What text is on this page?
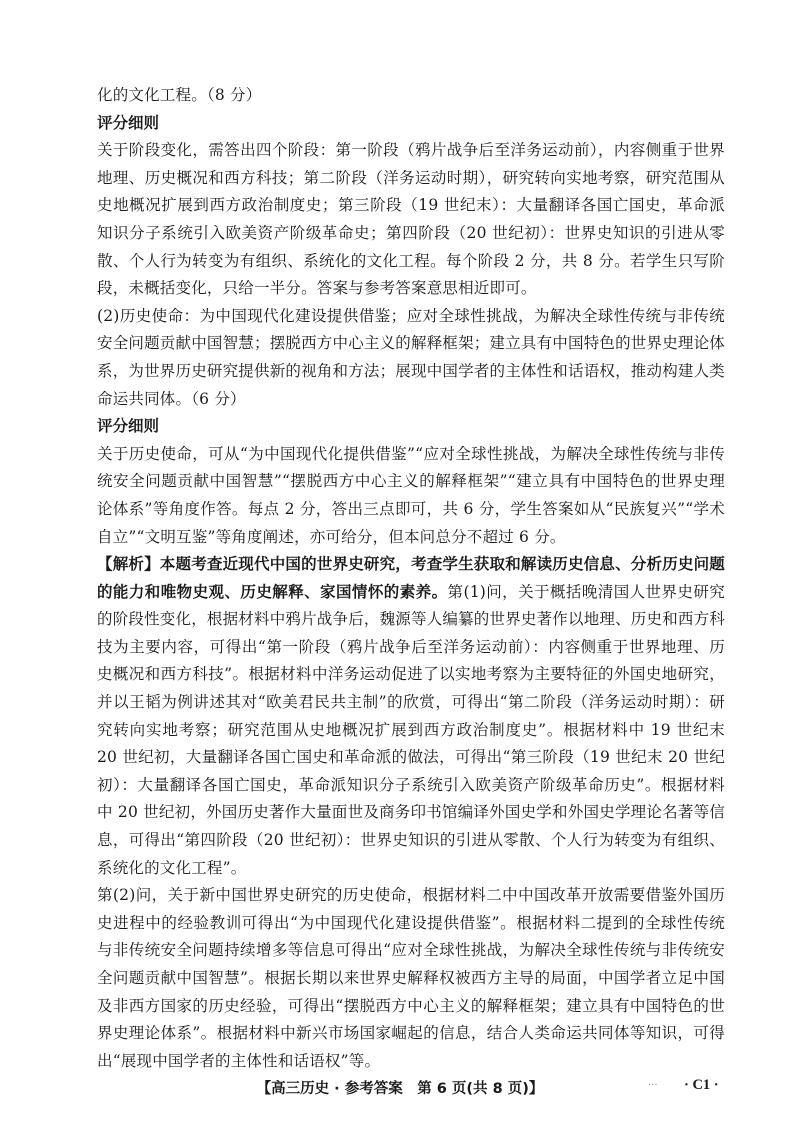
化的文化工程。（8 分）

评分细则

关于阶段变化，需答出四个阶段：第一阶段（鸦片战争后至洋务运动前），内容侧重于世界地理、历史概况和西方科技；第二阶段（洋务运动时期），研究转向实地考察，研究范围从史地概况扩展到西方政治制度史；第三阶段（19 世纪末）：大量翻译各国亡国史，革命派知识分子系统引入欧美资产阶级革命史；第四阶段（20 世纪初）：世界史知识的引进从零散、个人行为转变为有组织、系统化的文化工程。每个阶段 2 分，共 8 分。若学生只写阶段，未概括变化，只给一半分。答案与参考答案意思相近即可。

(2)历史使命：为中国现代化建设提供借鉴；应对全球性挑战，为解决全球性传统与非传统安全问题贡献中国智慧；摆脱西方中心主义的解释框架；建立具有中国特色的世界史理论体系，为世界历史研究提供新的视角和方法；展现中国学者的主体性和话语权，推动构建人类命运共同体。（6 分）

评分细则

关于历史使命，可从“为中国现代化提供借鉴”“应对全球性挑战，为解决全球性传统与非传统安全问题贡献中国智慧”“摆脱西方中心主义的解释框架”“建立具有中国特色的世界史理论体系”等角度作答。每点 2 分，答出三点即可，共 6 分，学生答案如从“民族复兴”“学术自立”“文明互鉴”等角度阐述，亦可给分，但本问总分不超过 6 分。

【解析】本题考查近现代中国的世界史研究，考查学生获取和解读历史信息、分析历史问题的能力和唯物史观、历史解释、家国情怀的素养。第(1)问，关于概括晚清国人世界史研究的阶段性变化，根据材料中鸦片战争后，魏源等人编纂的世界史著作以地理、历史和西方科技为主要内容，可得出“第一阶段（鸦片战争后至洋务运动前）：内容侧重于世界地理、历史概况和西方科技”。根据材料中洋务运动促进了以实地考察为主要特征的外国史地研究，并以王韬为例讲述其对“欧美君民共主制”的欣赏，可得出“第二阶段（洋务运动时期）：研究转向实地考察；研究范围从史地概况扩展到西方政治制度史”。根据材料中 19 世纪末 20 世纪初，大量翻译各国亡国史和革命派的做法，可得出“第三阶段（19 世纪末 20 世纪初）：大量翻译各国亡国史，革命派知识分子系统引入欧美资产阶级革命历史”。根据材料中 20 世纪初，外国历史著作大量面世及商务印书馆编译外国史学和外国史学理论名著等信息，可得出“第四阶段（20 世纪初）：世界史知识的引进从零散、个人行为转变为有组织、系统化的文化工程”。

第(2)问，关于新中国世界史研究的历史使命，根据材料二中中国改革开放需要借鉴外国历史进程中的经验教训可得出“为中国现代化建设提供借鉴”。根据材料二提到的全球性传统与非传统安全问题持续增多等信息可得出“应对全球性挑战，为解决全球性传统与非传统安全问题贡献中国智慧”。根据长期以来世界史解释权被西方主导的局面，中国学者立足中国及非西方国家的历史经验，可得出“摆脱西方中心主义的解释框架；建立具有中国特色的世界史理论体系”。根据材料中新兴市场国家崛起的信息，结合人类命运共同体等知识，可得出“展现中国学者的主体性和话语权”等。

【高三历史 · 参考答案　第 6 页(共 8 页)】	... · C1 ·
